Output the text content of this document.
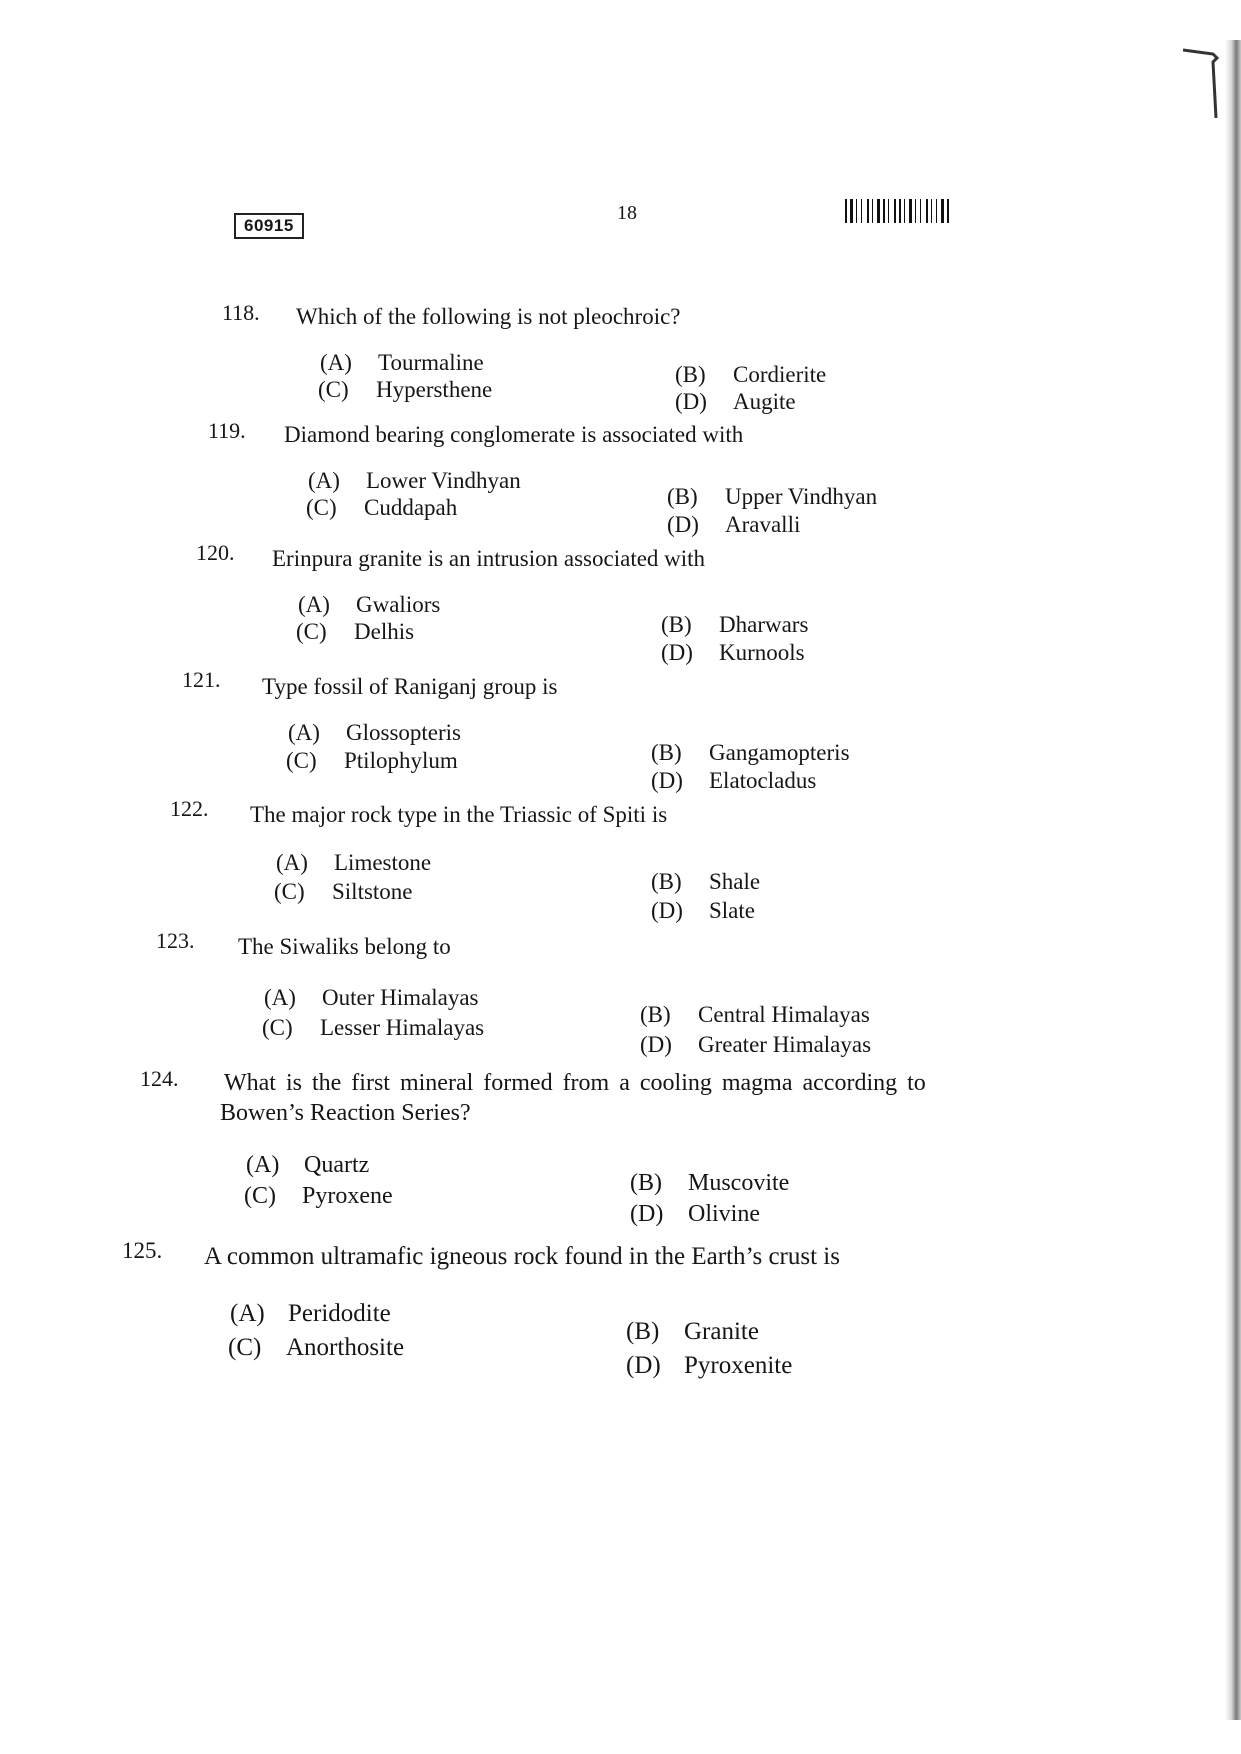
60915
18
118. Which of the following is not pleochroic?
(A) Tourmaline
(C) Hypersthene
(B) Cordierite
(D) Augite
119. Diamond bearing conglomerate is associated with
(A) Lower Vindhyan
(C) Cuddapah	(B) Upper Vindhyan
(D) Aravalli
120. Erinpura granite is an intrusion associated with
(A) Gwaliors
(C) Delhis	(B) Dharwars
(D) Kurnools
121. Type fossil of Raniganj group is
(A) Glossopteris
(C) Ptilophylum	(B) Gangamopteris
(D) Elatocladus
122. The major rock type in the Triassic of Spiti is
(A) Limestone
(C) Siltstone	(B) Shale
(D) Slate
123. The Siwaliks belong to
(A) Outer Himalayas
(C) Lesser Himalayas
(B) Central Himalayas
(D) Greater Himalayas
124. What is the first mineral formed from a cooling magma according to
Bowen’s Reaction Series?
(A) Quartz
(C) Pyroxene	(B) Muscovite
(D) Olivine
125. A common ultramafic igneous rock found in the Earth’s crust is
(A) Peridodite
(C) Anorthosite
(B) Granite
(D) Pyroxenite
